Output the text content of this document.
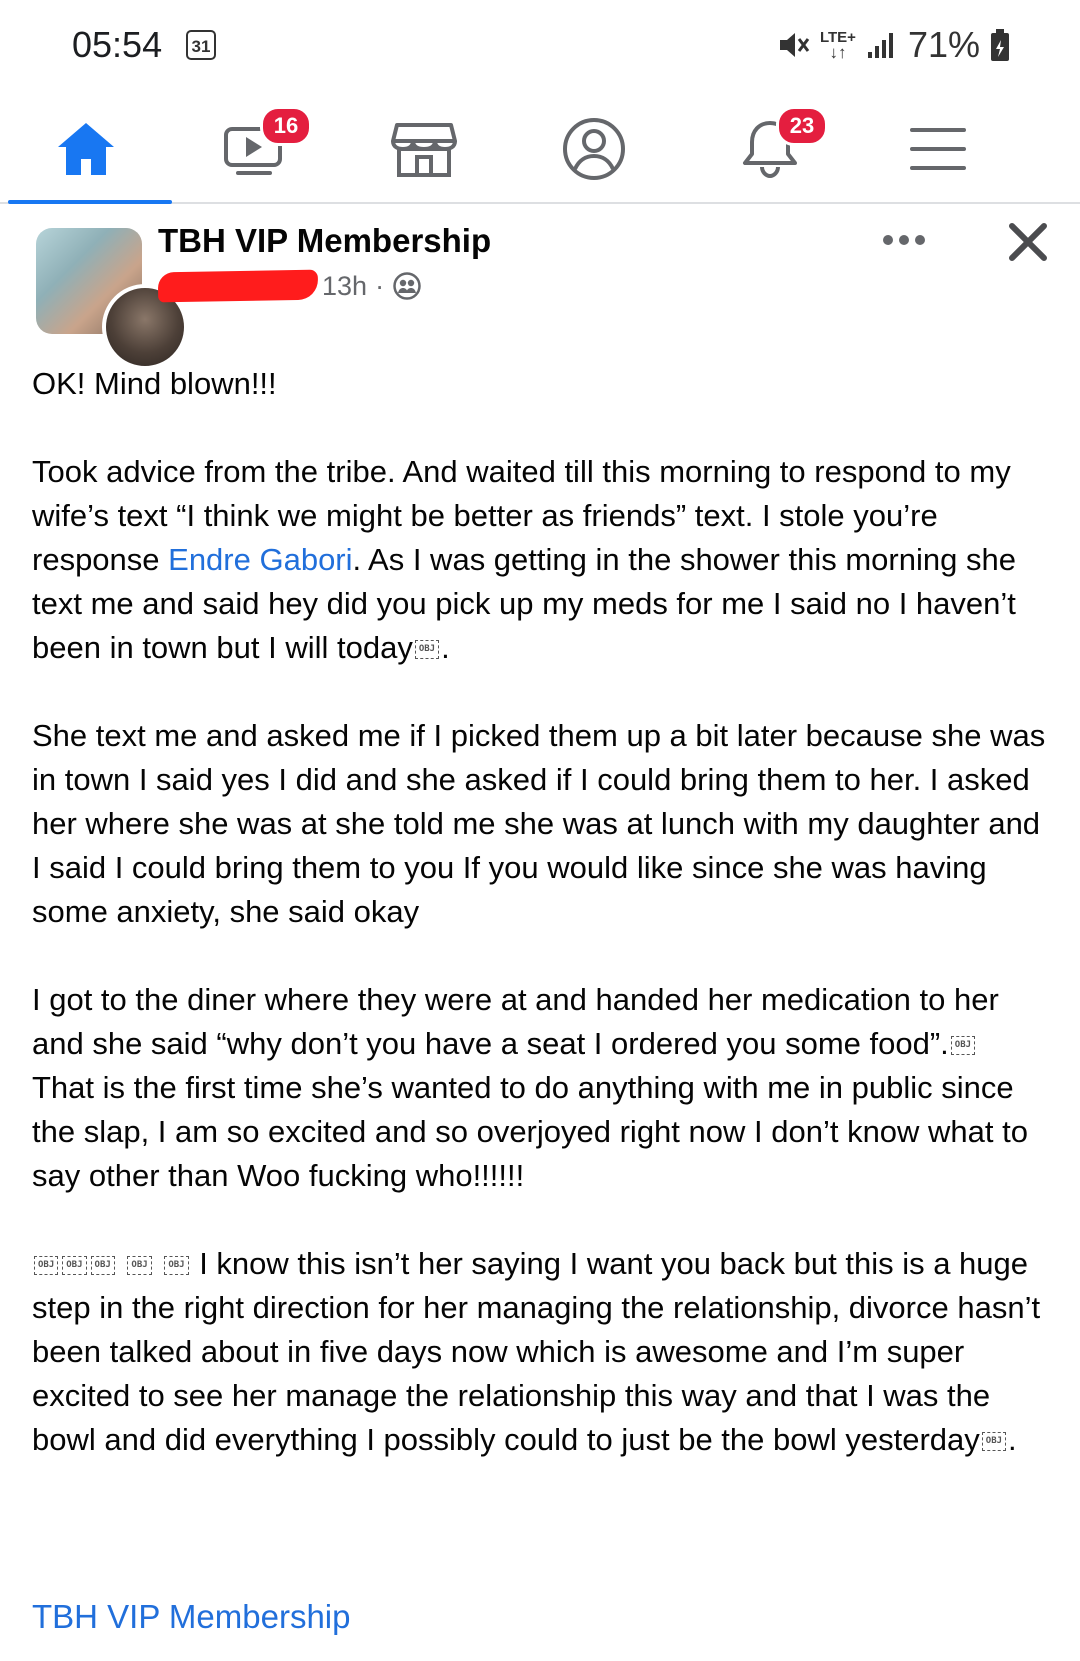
05:54	31	LTE+
↓↑ 71%
16	23
TBH VIP Membership
13h ·

OK! Mind blown!!!

Took advice from the tribe. And waited till this morning to respond to my wife’s text “I think we might be better as friends” text. I stole you’re response Endre Gabori. As I was getting in the shower this morning she text me and said hey did you pick up my meds for me I said no I haven’t been in town but I will today OBJ .

She text me and asked me if I picked them up a bit later because she was in town I said yes I did and she asked if I could bring them to her. I asked her where she was at she told me she was at lunch with my daughter and I said I could bring them to you If you would like since she was having some anxiety, she said okay

I got to the diner where they were at and handed her medication to her and she said “why don’t you have a seat I ordered you some food”. OBJ

That is the first time she’s wanted to do anything with me in public since the slap, I am so excited and so overjoyed right now I don’t know what to say other than Woo fucking who!!!!!!

OBJ OBJ OBJ OBJ OBJ I know this isn’t her saying I want you back but this is a huge step in the right direction for her managing the relationship, divorce hasn’t been talked about in five days now which is awesome and I’m super excited to see her manage the relationship this way and that I was the bowl and did everything I possibly could to just be the bowl yesterday OBJ .

TBH VIP Membership
